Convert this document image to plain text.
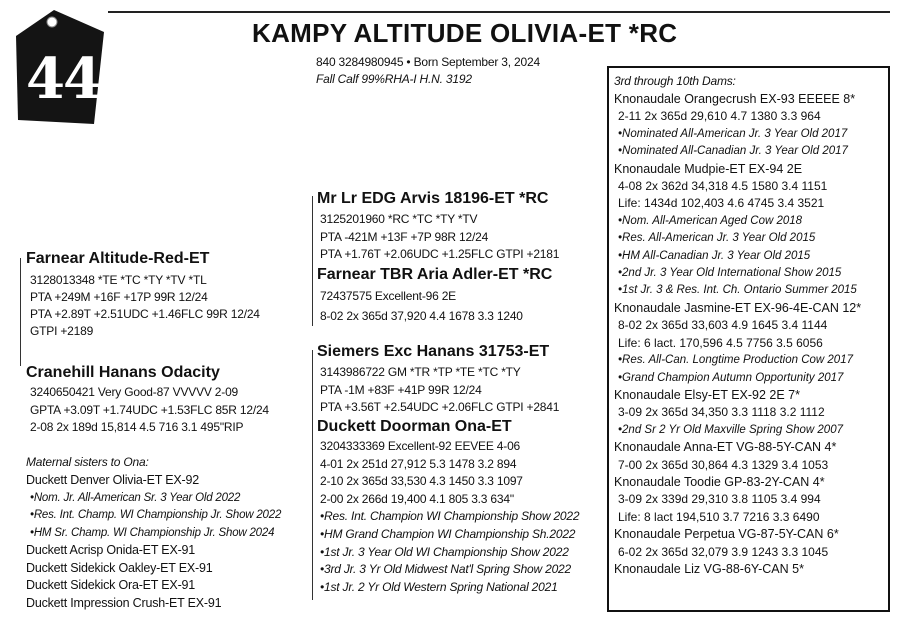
44
KAMPY ALTITUDE OLIVIA-ET *RC
840 3284980945 • Born September 3, 2024
Fall Calf 99%RHA-I H.N. 3192
Farnear Altitude-Red-ET
3128013348 *TE *TC *TY *TV *TL
PTA +249M +16F +17P 99R 12/24
PTA +2.89T +2.51UDC +1.46FLC 99R 12/24
GTPI +2189
Mr Lr EDG Arvis 18196-ET *RC
3125201960 *RC *TC *TY *TV
PTA -421M +13F +7P 98R 12/24
PTA +1.76T +2.06UDC +1.25FLC GTPI +2181
Farnear TBR Aria Adler-ET *RC
72437575 Excellent-96 2E
8-02 2x 365d 37,920 4.4 1678 3.3 1240
Cranehill Hanans Odacity
3240650421 Very Good-87 VVVVV 2-09
GPTA +3.09T +1.74UDC +1.53FLC 85R 12/24
2-08 2x 189d 15,814 4.5 716 3.1 495"RIP
Siemers Exc Hanans 31753-ET
3143986722 GM *TR *TP *TE *TC *TY
PTA -1M +83F +41P 99R 12/24
PTA +3.56T +2.54UDC +2.06FLC GTPI +2841
Duckett Doorman Ona-ET
3204333369 Excellent-92 EEVEE 4-06
4-01 2x 251d 27,912 5.3 1478 3.2 894
2-10 2x 365d 33,530 4.3 1450 3.3 1097
2-00 2x 266d 19,400 4.1 805 3.3 634"
•Res. Int. Champion WI Championship Show 2022
•HM Grand Champion WI Championship Sh.2022
•1st Jr. 3 Year Old WI Championship Show 2022
•3rd Jr. 3 Yr Old Midwest Nat'l Spring Show 2022
•1st Jr. 2 Yr Old Western Spring National 2021
Maternal sisters to Ona:
Duckett Denver Olivia-ET EX-92
•Nom. Jr. All-American Sr. 3 Year Old 2022
•Res. Int. Champ. WI Championship Jr. Show 2022
•HM Sr. Champ. WI Championship Jr. Show 2024
Duckett Acrisp Onida-ET EX-91
Duckett Sidekick Oakley-ET EX-91
Duckett Sidekick Ora-ET EX-91
Duckett Impression Crush-ET EX-91
3rd through 10th Dams:
Knonaudale Orangecrush EX-93 EEEEE 8*
2-11 2x 365d 29,610 4.7 1380 3.3 964
•Nominated All-American Jr. 3 Year Old 2017
•Nominated All-Canadian Jr. 3 Year Old 2017
Knonaudale Mudpie-ET EX-94 2E
4-08 2x 362d 34,318 4.5 1580 3.4 1151
Life: 1434d 102,403 4.6 4745 3.4 3521
•Nom. All-American Aged Cow 2018
•Res. All-American Jr. 3 Year Old 2015
•HM All-Canadian Jr. 3 Year Old 2015
•2nd Jr. 3 Year Old International Show 2015
•1st Jr. 3 & Res. Int. Ch. Ontario Summer 2015
Knonaudale Jasmine-ET EX-96-4E-CAN 12*
8-02 2x 365d 33,603 4.9 1645 3.4 1144
Life: 6 lact. 170,596 4.5 7756 3.5 6056
•Res. All-Can. Longtime Production Cow 2017
•Grand Champion Autumn Opportunity 2017
Knonaudale Elsy-ET EX-92 2E 7*
3-09 2x 365d 34,350 3.3 1118 3.2 1112
•2nd Sr 2 Yr Old Maxville Spring Show 2007
Knonaudale Anna-ET VG-88-5Y-CAN 4*
7-00 2x 365d 30,864 4.3 1329 3.4 1053
Knonaudale Toodie GP-83-2Y-CAN 4*
3-09 2x 339d 29,310 3.8 1105 3.4 994
Life: 8 lact 194,510 3.7 7216 3.3 6490
Knonaudale Perpetua VG-87-5Y-CAN 6*
6-02 2x 365d 32,079 3.9 1243 3.3 1045
Knonaudale Liz VG-88-6Y-CAN 5*
